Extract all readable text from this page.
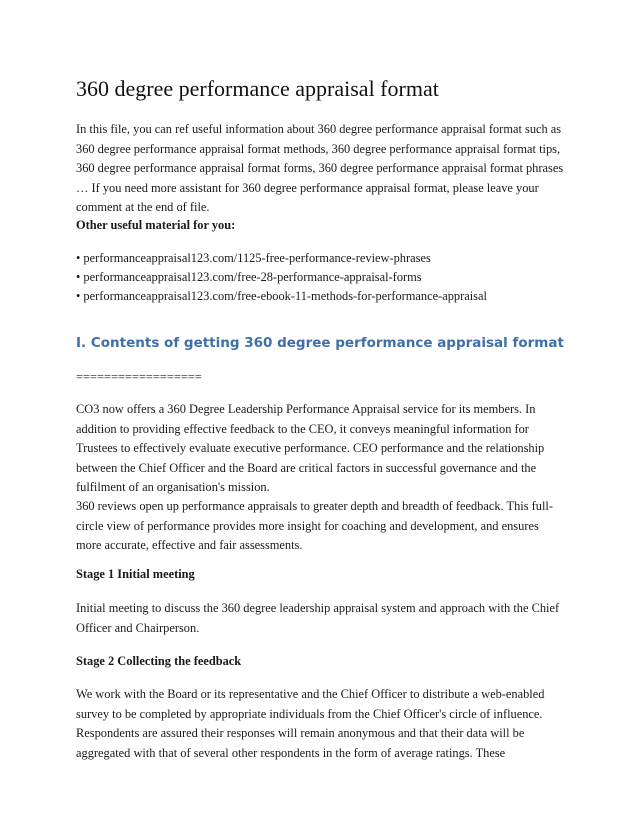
360 degree performance appraisal format

In this file, you can ref useful information about 360 degree performance appraisal format such as 360 degree performance appraisal format methods, 360 degree performance appraisal format tips, 360 degree performance appraisal format forms, 360 degree performance appraisal format phrases … If you need more assistant for 360 degree performance appraisal format, please leave your comment at the end of file.

Other useful material for you:

• performanceappraisal123.com/1125-free-performance-review-phrases
• performanceappraisal123.com/free-28-performance-appraisal-forms
• performanceappraisal123.com/free-ebook-11-methods-for-performance-appraisal
I. Contents of getting 360 degree performance appraisal format
==================

CO3 now offers a 360 Degree Leadership Performance Appraisal service for its members. In addition to providing effective feedback to the CEO, it conveys meaningful information for Trustees to effectively evaluate executive performance. CEO performance and the relationship between the Chief Officer and the Board are critical factors in successful governance and the fulfilment of an organisation's mission.

360 reviews open up performance appraisals to greater depth and breadth of feedback. This full-circle view of performance provides more insight for coaching and development, and ensures more accurate, effective and fair assessments.

Stage 1 Initial meeting

Initial meeting to discuss the 360 degree leadership appraisal system and approach with the Chief Officer and Chairperson.

Stage 2 Collecting the feedback

We work with the Board or its representative and the Chief Officer to distribute a web-enabled survey to be completed by appropriate individuals from the Chief Officer's circle of influence. Respondents are assured their responses will remain anonymous and that their data will be aggregated with that of several other respondents in the form of average ratings. These
